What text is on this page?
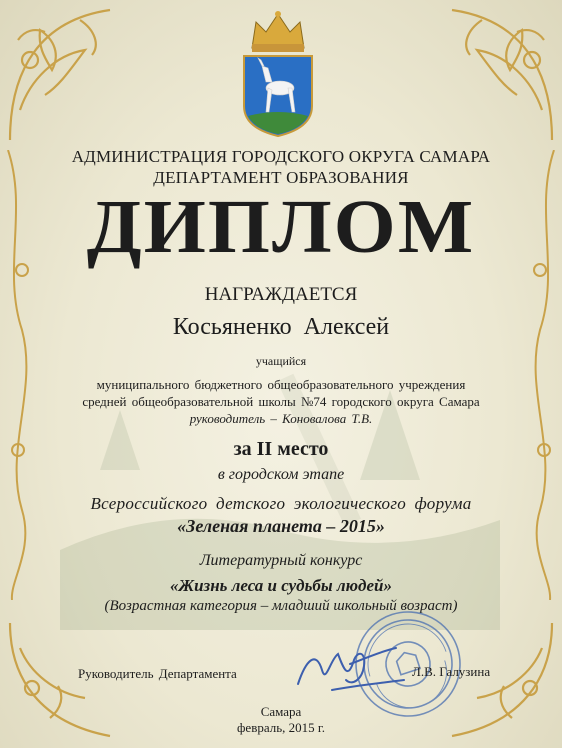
АДМИНИСТРАЦИЯ ГОРОДСКОГО ОКРУГА САМАРА
ДЕПАРТАМЕНТ ОБРАЗОВАНИЯ
ДИПЛОМ
НАГРАЖДАЕТСЯ
Косьяненко Алексей
учащийся
муниципального бюджетного общеобразовательного учреждения
средней общеобразовательной школы №74 городского округа Самара
руководитель – Коновалова Т.В.
за II место
в городском этапе
Всероссийского детского экологического форума
«Зеленая планета – 2015»
Литературный конкурс
«Жизнь леса и судьбы людей»
(Возрастная категория – младший школьный возраст)
Руководитель Департамента	Л.В. Галузина
Самара
февраль, 2015 г.
